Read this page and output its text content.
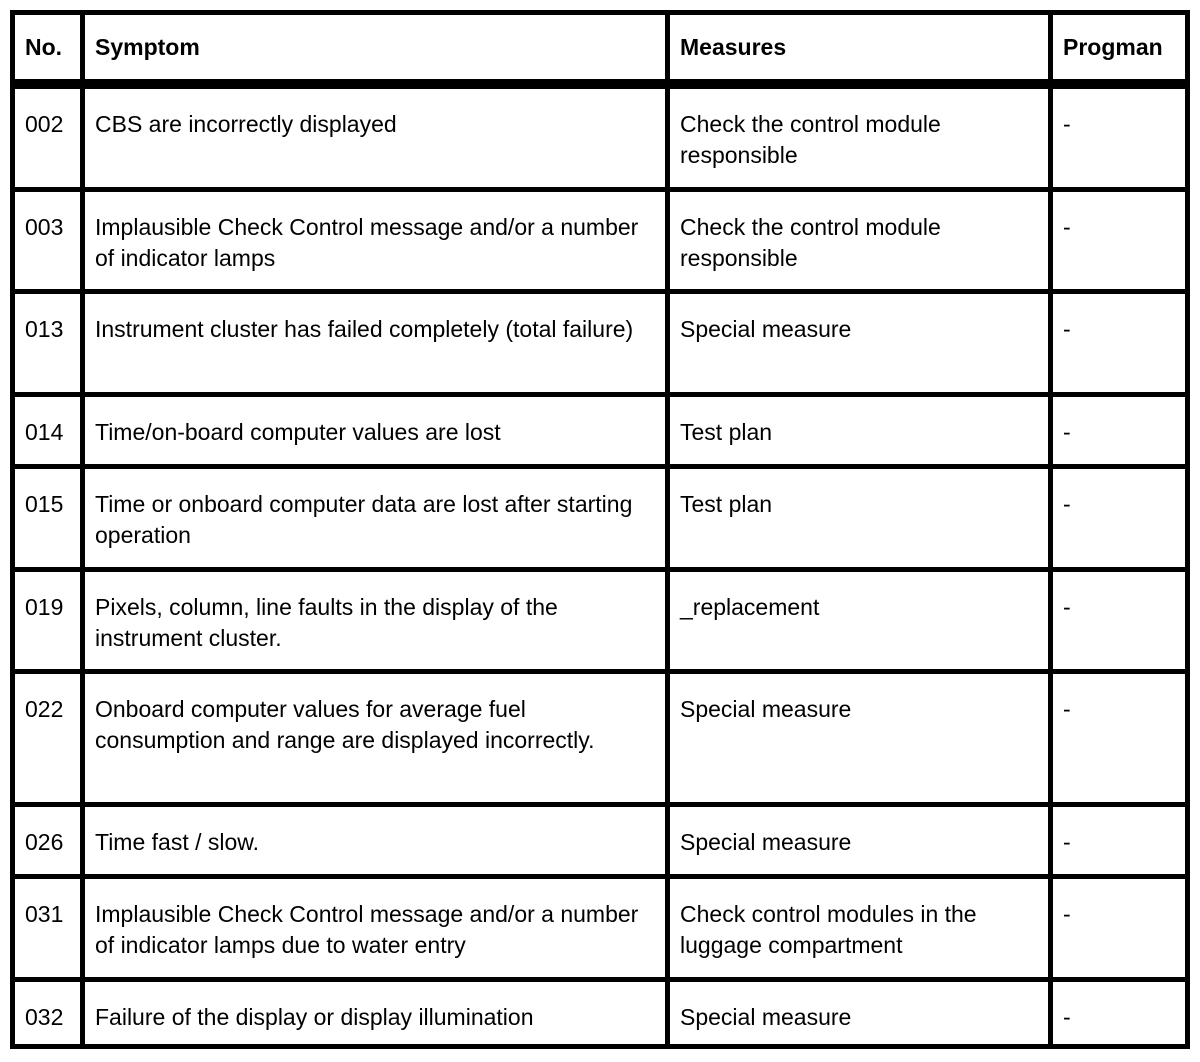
No.	Symptom	Measures	Progman
002	CBS are incorrectly displayed	Check the control module responsible	-
003	Implausible Check Control message and/or a number of indicator lamps	Check the control module responsible	-
013	Instrument cluster has failed completely (total failure)	Special measure	-
014	Time/on-board computer values are lost	Test plan	-
015	Time or onboard computer data are lost after starting operation	Test plan	-
019	Pixels, column, line faults in the display of the instrument cluster.	_replacement	-
022	Onboard computer values for average fuel consumption and range are displayed incorrectly.	Special measure	-
026	Time fast / slow.	Special measure	-
031	Implausible Check Control message and/or a number of indicator lamps due to water entry	Check control modules in the luggage compartment	-
032	Failure of the display or display illumination	Special measure	-
